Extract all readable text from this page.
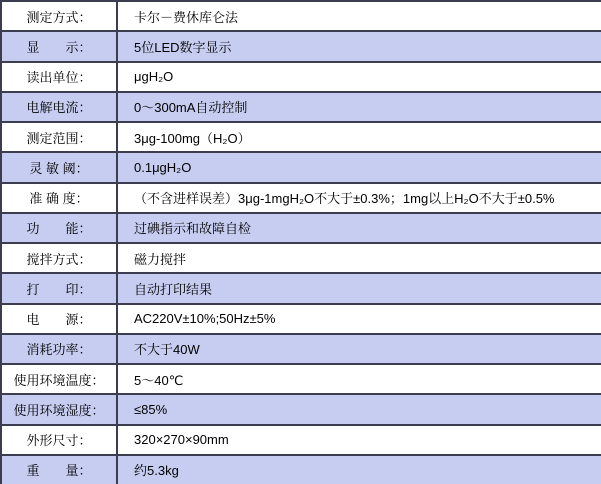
测定方式：	卡尔－费休库仑法
显　　示：	5位LED数字显示
读出单位：	μgH₂O
电解电流：	0～300mA自动控制
测定范围：	3μg-100mg（H₂O）
灵 敏 阈：	0.1μgH₂O
准 确 度：	（不含进样误差）3μg-1mgH₂O不大于±0.3%；1mg以上H₂O不大于±0.5%
功　　能：	过碘指示和故障自检
搅拌方式：	磁力搅拌
打　　印：	自动打印结果
电　　源：	AC220V±10%;50Hz±5%
消耗功率：	不大于40W
使用环境温度：	5～40℃
使用环境湿度：	≤85%
外形尺寸：	320×270×90mm
重　　量：	约5.3kg
